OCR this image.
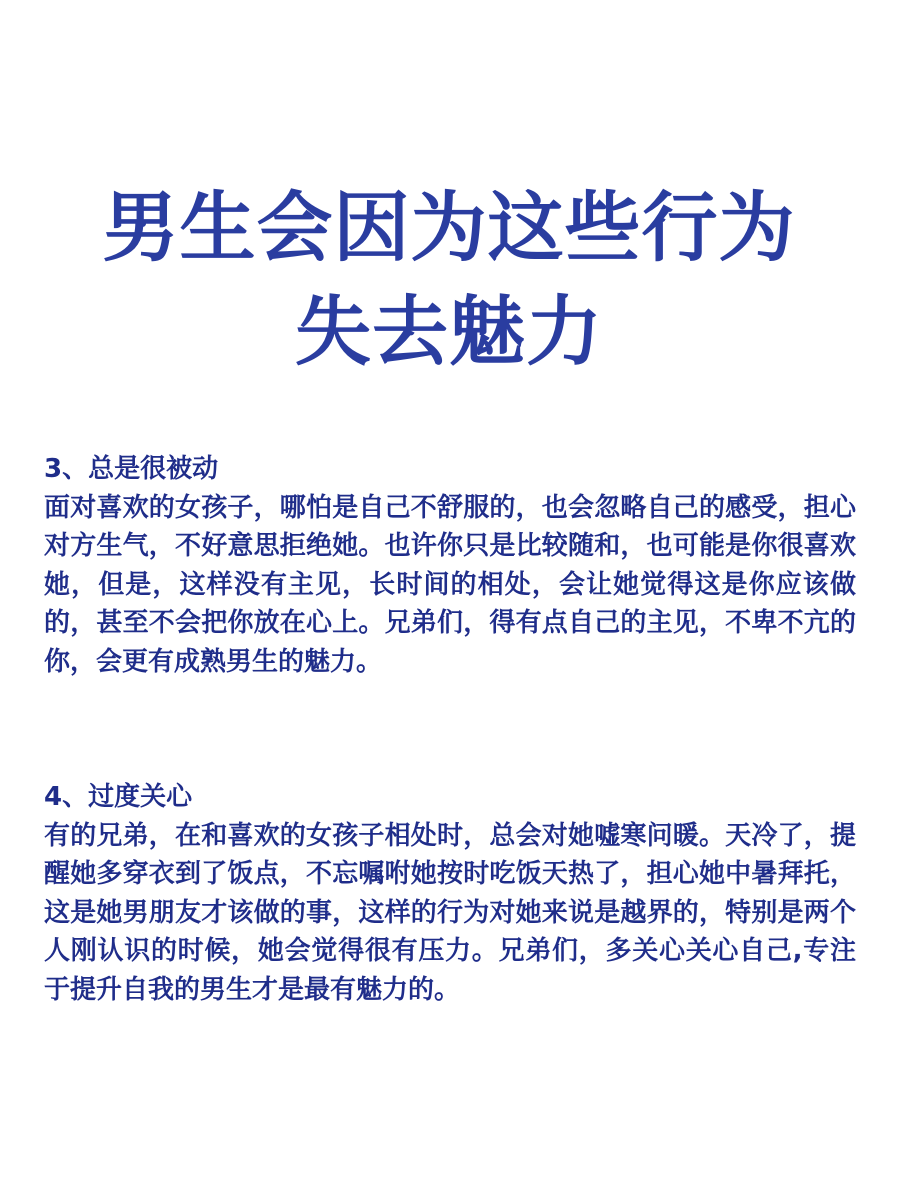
男生会因为这些行为
失去魅力

3、总是很被动

面对喜欢的女孩子，哪怕是自己不舒服的，也会忽略自己的感受，担心对方生气，不好意思拒绝她。也许你只是比较随和，也可能是你很喜欢她，但是，这样没有主见，长时间的相处，会让她觉得这是你应该做的，甚至不会把你放在心上。兄弟们，得有点自己的主见，不卑不亢的你，会更有成熟男生的魅力。

4、过度关心

有的兄弟，在和喜欢的女孩子相处时，总会对她嘘寒问暖。天冷了，提醒她多穿衣到了饭点，不忘嘱咐她按时吃饭天热了，担心她中暑拜托，这是她男朋友才该做的事，这样的行为对她来说是越界的，特别是两个人刚认识的时候，她会觉得很有压力。兄弟们，多关心关心自己,专注于提升自我的男生才是最有魅力的。
